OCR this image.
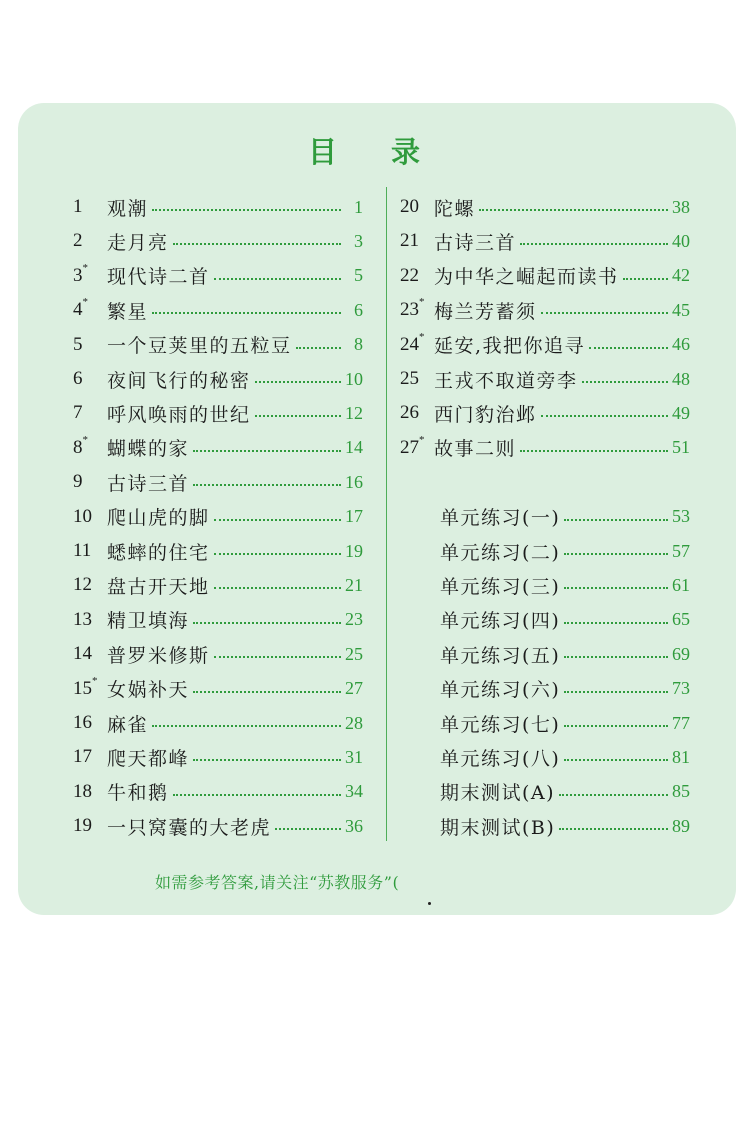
目 录
1	观潮	1
2	走月亮	3
3 * 现代诗二首	5
4 * 繁星	6
5	一个豆荚里的五粒豆	8
6	夜间飞行的秘密	10
7	呼风唤雨的世纪	12
8 * 蝴蝶的家	14
9	古诗三首	16
10 爬山虎的脚	17
11 蟋蟀的住宅	19
12 盘古开天地	21
13 精卫填海	23
14 普罗米修斯	25
15 * 女娲补天	27
16 麻雀	28
17 爬天都峰	31
18 牛和鹅	34
19 一只窝囊的大老虎	36
20 陀螺	38
21 古诗三首	40
22 为中华之崛起而读书	42
23 * 梅兰芳蓄须	45
24 * 延安,我把你追寻	46
25 王戎不取道旁李	48
26 西门豹治邺	49
27 * 故事二则	51
单元练习(一)	53
单元练习(二)	57
单元练习(三)	61
单元练习(四)	65
单元练习(五)	69
单元练习(六)	73
单元练习(七)	77
单元练习(八)	81
期末测试(A)	85
期末测试(B)	89
如需参考答案,请关注“苏教服务”(
